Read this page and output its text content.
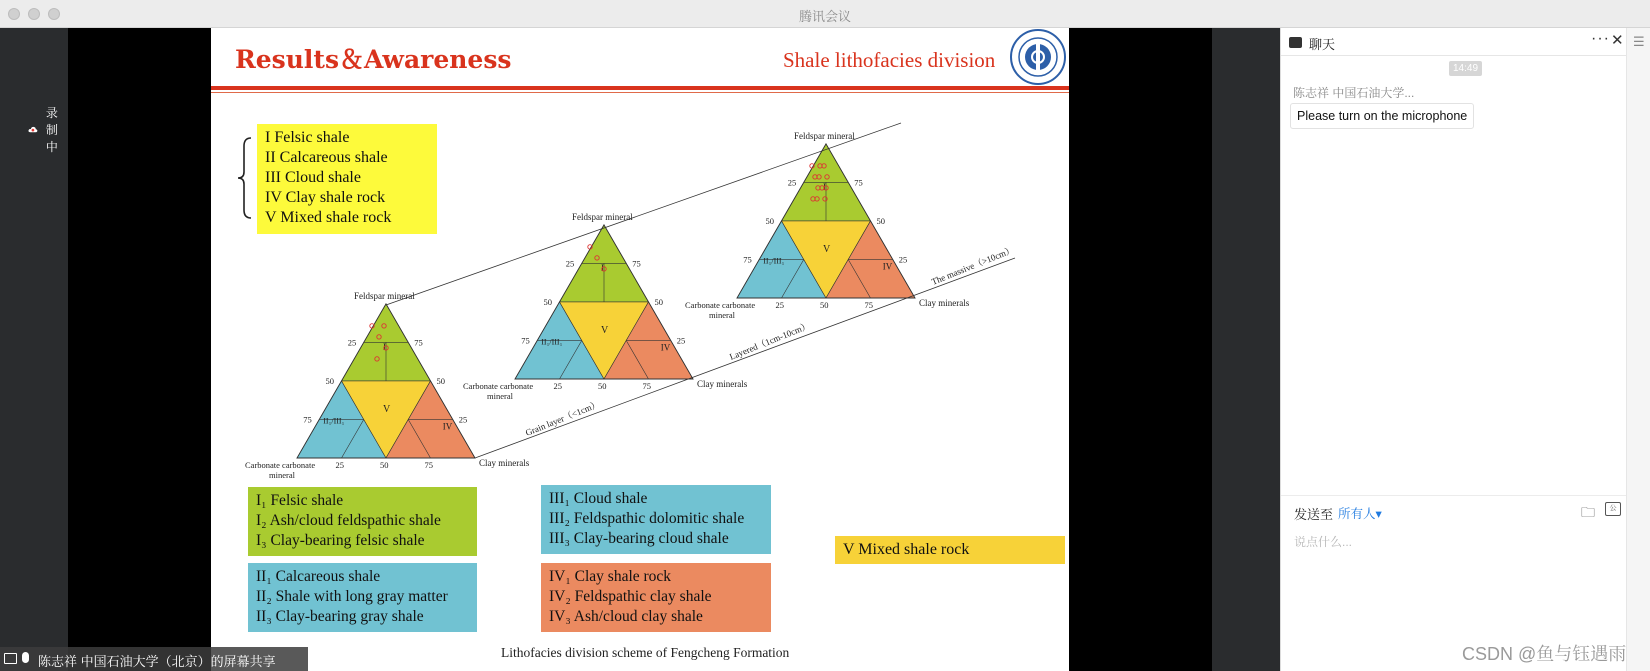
腾讯会议
录制中
Results＆Awareness	Shale lithofacies division
I Felsic shale
II Calcareous shale
III Cloud shale
IV Clay shale rock
V Mixed shale rock
I
V
IV
II₁/III₁
Feldspar mineral
Carbonate carbonate
mineral
Clay minerals
25
25
25
50	50
50
75
75
75
I
V
IV
II₁/III₁
Feldspar mineral
Carbonate carbonate
mineral
Clay minerals
25
25
25
50	50
50
75
75
75
I
V
IV
II₁/III₁
Feldspar mineral
Carbonate carbonate
mineral
Clay minerals
25
25
25
50	50
50
75
75
75
Grain layer（<1cm）
Layered（1cm-10cm）
The massive（>10cm）
I₁ Felsic shale
I₂ Ash/cloud feldspathic shale
I₃ Clay-bearing felsic shale
II₁ Calcareous shale
II₂ Shale with long gray matter
II₃ Clay-bearing gray shale
III₁ Cloud shale
III₂ Feldspathic dolomitic shale
III₃ Clay-bearing cloud shale
IV₁ Clay shale rock
IV₂ Feldspathic clay shale
IV₃ Ash/cloud clay shale
V Mixed shale rock
Lithofacies division scheme of Fengcheng Formation
聊天	··· ✕ ☰
14:49
陈志祥 中国石油大学...
Please turn on the microphone
发送至 所有人▾	🗀	公
说点什么...
陈志祥 中国石油大学（北京）的屏幕共享	CSDN @鱼与钰遇雨
